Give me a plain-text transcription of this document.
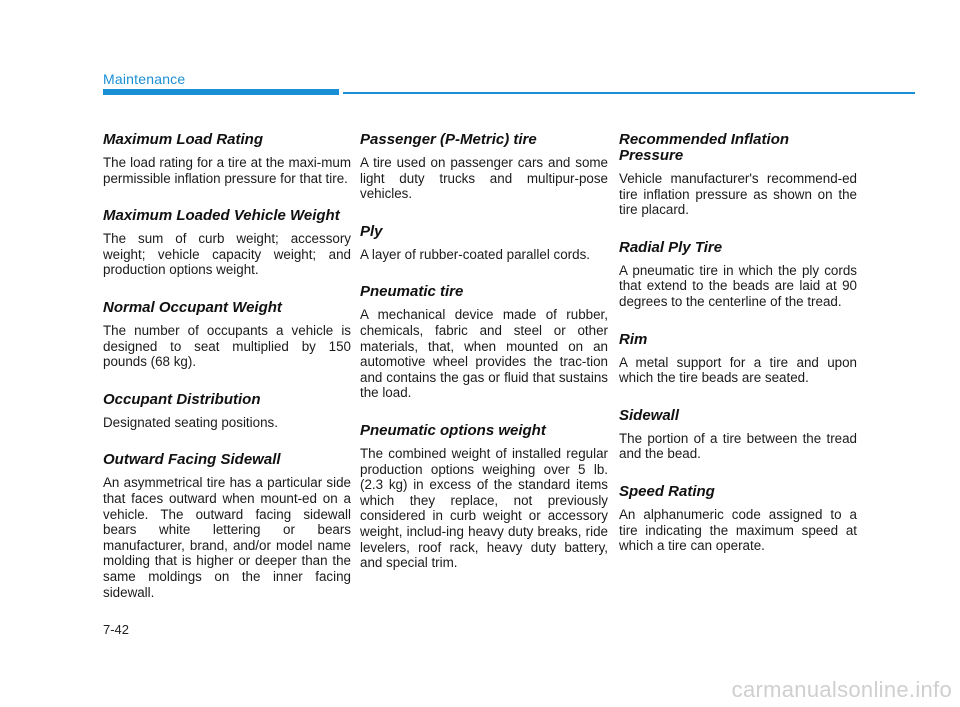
Maintenance
Maximum Load Rating

The load rating for a tire at the maxi-mum permissible inflation pressure for that tire.

Maximum Loaded Vehicle Weight

The sum of curb weight; accessory weight; vehicle capacity weight; and production options weight.

Normal Occupant Weight

The number of occupants a vehicle is designed to seat multiplied by 150 pounds (68 kg).

Occupant Distribution

Designated seating positions.

Outward Facing Sidewall

An asymmetrical tire has a particular side that faces outward when mount-ed on a vehicle. The outward facing sidewall bears white lettering or bears manufacturer, brand, and/or model name molding that is higher or deeper than the same moldings on the inner facing sidewall.

Passenger (P-Metric) tire

A tire used on passenger cars and some light duty trucks and multipur-pose vehicles.

Ply

A layer of rubber-coated parallel cords.

Pneumatic tire

A mechanical device made of rubber, chemicals, fabric and steel or other materials, that, when mounted on an automotive wheel provides the trac-tion and contains the gas or fluid that sustains the load.

Pneumatic options weight

The combined weight of installed regular production options weighing over 5 lb. (2.3 kg) in excess of the standard items which they replace, not previously considered in curb weight or accessory weight, includ-ing heavy duty breaks, ride levelers, roof rack, heavy duty battery, and special trim.

Recommended Inflation Pressure

Vehicle manufacturer's recommend-ed tire inflation pressure as shown on the tire placard.

Radial Ply Tire

A pneumatic tire in which the ply cords that extend to the beads are laid at 90 degrees to the centerline of the tread.

Rim

A metal support for a tire and upon which the tire beads are seated.

Sidewall

The portion of a tire between the tread and the bead.

Speed Rating

An alphanumeric code assigned to a tire indicating the maximum speed at which a tire can operate.

7-42
carmanualsonline.info
